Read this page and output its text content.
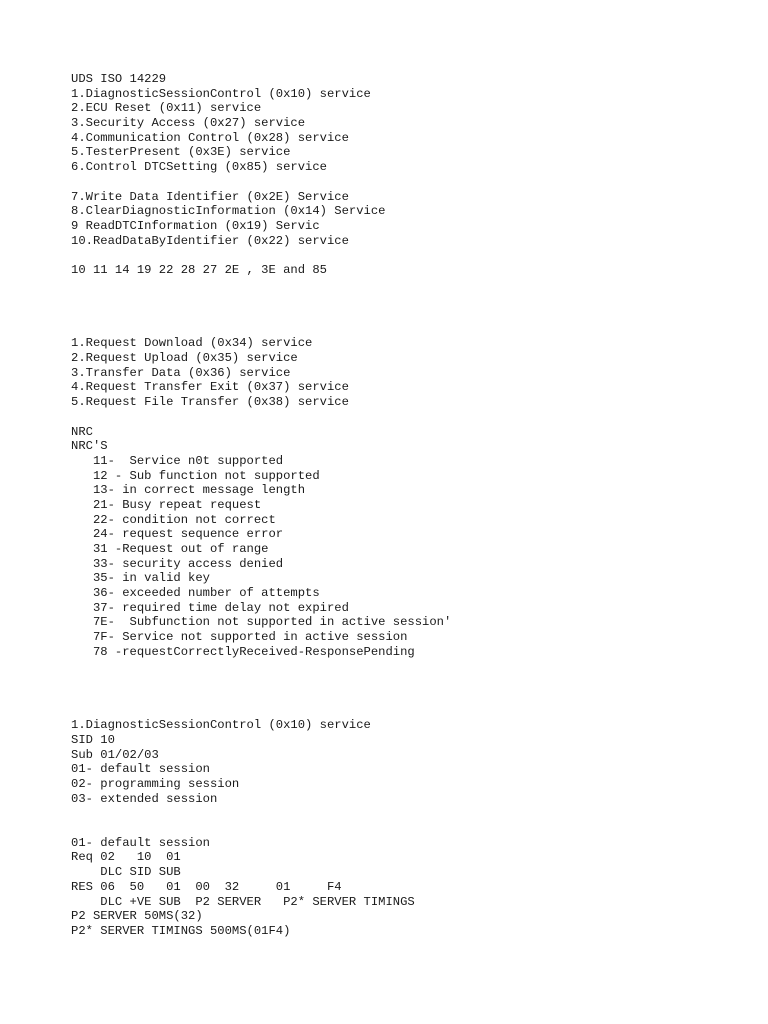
UDS ISO 14229
1.DiagnosticSessionControl (0x10) service
2.ECU Reset (0x11) service
3.Security Access (0x27) service
4.Communication Control (0x28) service
5.TesterPresent (0x3E) service
6.Control DTCSetting (0x85) service
7.Write Data Identifier (0x2E) Service
8.ClearDiagnosticInformation (0x14) Service
9 ReadDTCInformation (0x19) Servic
10.ReadDataByIdentifier (0x22) service
10 11 14 19 22 28 27 2E , 3E and 85
1.Request Download (0x34) service
2.Request Upload (0x35) service
3.Transfer Data (0x36) service
4.Request Transfer Exit (0x37) service
5.Request File Transfer (0x38) service
NRC
NRC'S
11-  Service n0t supported
12 - Sub function not supported
13- in correct message length
21- Busy repeat request
22- condition not correct
24- request sequence error
31 -Request out of range
33- security access denied
35- in valid key
36- exceeded number of attempts
37- required time delay not expired
7E-  Subfunction not supported in active session'
7F- Service not supported in active session
78 -requestCorrectlyReceived-ResponsePending
1.DiagnosticSessionControl (0x10) service
SID 10
Sub 01/02/03
01- default session
02- programming session
03- extended session
01- default session
Req 02   10  01
DLC SID SUB
RES 06  50   01  00  32     01     F4
DLC +VE SUB  P2 SERVER   P2* SERVER TIMINGS
P2 SERVER 50MS(32)
P2* SERVER TIMINGS 500MS(01F4)
